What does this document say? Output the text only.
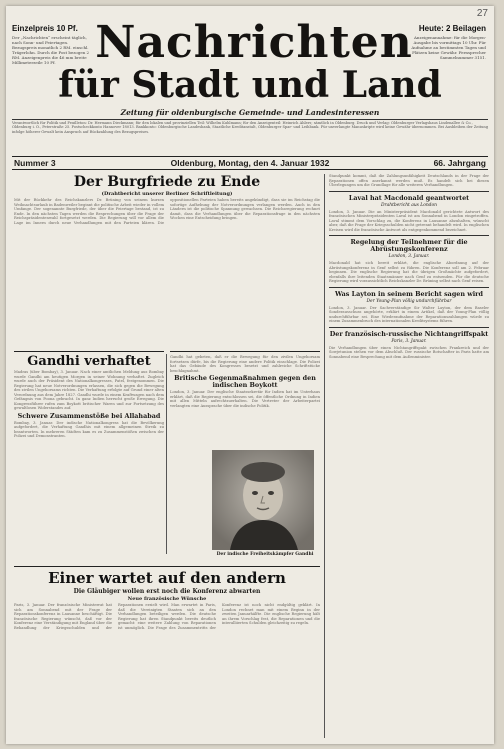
27
Einzelpreis 10 Pf.
Der „Nachrichten“ erscheint täglich, nach Sonn- und Feiertagen. Bezugspreis monatlich 2 RM. einschl. Trägerlohn. Durch die Post bezogen 2 RM. Anzeigenpreis die 46 mm breite Millimeterzeile 10 Pf.
Heute: 2 Beilagen
Anzeigenannahme: für die Morgen-Ausgabe bis vormittags 10 Uhr. Für Aufnahme an bestimmten Tagen und Plätzen keine Gewähr. Fernsprecher Sammelnummer 3151.
Nachrichten
für Stadt und Land
Zeitung für oldenburgische Gemeinde- und Landesinteressen
Verantwortlich für Politik und Feuilleton: Dr. Hermann Dieckmann; für den lokalen und provinziellen Teil: Wilhelm Kuhlmann; für den Anzeigenteil: Heinrich Ahlers; sämtlich in Oldenburg. Druck und Verlag: Oldenburger Verlagshaus Lindenallee & Co., Oldenburg i. O., Peterstraße 25. Postscheckkonto Hannover 18013. Bankkonto: Oldenburgische Landesbank, Staatliche Kreditanstalt, Oldenburger Spar- und Leihbank. Für unverlangte Manuskripte wird keine Gewähr übernommen. Bei Ausbleiben der Zeitung infolge höherer Gewalt kein Anspruch auf Rückzahlung des Bezugspreises.
Nummer 3	Oldenburg, Montag, den 4. Januar 1932	66. Jahrgang
Der Burgfriede zu Ende
(Drahtbericht unserer Berliner Schriftleitung)
Mit der Rückkehr des Reichskanzlers Dr. Brüning von seinem kurzen Weihnachtsurlaub in Badenweiler beginnt die politische Arbeit wieder in vollem Umfange. Der sogenannte Burgfriede, der über die Feiertage bestand, ist zu Ende. In den nächsten Tagen werden die Besprechungen über die Frage der Reichspräsidentenwahl fortgesetzt werden. Die Regierung will vor allem die Lage im Innern durch neue Verhandlungen mit den Parteien klären. Die oppositionellen Parteien haben bereits angekündigt, dass sie im Reichstag die sofortige Aufhebung der Notverordnungen verlangen werden. Auch in den Ländern ist die politische Spannung gewachsen. Die Reichsregierung rechnet damit, dass die Verhandlungen über die Reparationsfrage in den nächsten Wochen eine Entscheidung bringen.
Gandhi verhaftet
Madras (über Bombay), 3. Januar. Nach einer amtlichen Meldung aus Bombay wurde Gandhi am heutigen Morgen in seiner Wohnung verhaftet. Zugleich wurde auch der Präsident des Nationalkongresses, Patel, festgenommen. Die Regierung hat neue Notverordnungen erlassen, die sich gegen die Bewegung des zivilen Ungehorsams richten. Die Verhaftung erfolgte auf Grund einer alten Verordnung aus dem Jahre 1827. Gandhi wurde in einem Kraftwagen nach dem Gefängnis von Poona gebracht. In ganz Indien herrscht große Erregung. Die Kongressführer rufen zum Boykott britischer Waren und zur Fortsetzung des gewaltlosen Widerstandes auf.
Schwere Zusammenstöße bei Allahabad
Bombay, 3. Januar. Der indische Nationalkongress hat die Bevölkerung aufgefordert, die Verhaftung Gandhis mit einem allgemeinen Streik zu beantworten. In mehreren Städten kam es zu Zusammenstößen zwischen der Polizei und Demonstranten.
Gandhi hat gebeten, daß er die Bewegung für den zivilen Ungehorsam fortsetzen dürfe, bis die Regierung eine andere Politik einschlage. Die Polizei hat das Gebäude des Kongresses besetzt und zahlreiche Schriftstücke beschlagnahmt.
Britische Gegenmaßnahmen gegen den indischen Boykott
London, 3. Januar. Der englische Staatssekretär für Indien hat im Unterhaus erklärt, daß die Regierung entschlossen sei, die öffentliche Ordnung in Indien mit allen Mitteln aufrechtzuerhalten. Die Vertreter der Arbeiterpartei verlangten eine Aussprache über die indische Politik.
Der indische Freiheitskämpfer Gandhi
Einer wartet auf den andern
Die Gläubiger wollen erst noch die Konferenz abwarten
Neue französische Wünsche
Paris, 3. Januar. Der französische Ministerrat hat sich am Sonnabend mit der Frage der Reparationskonferenz in Lausanne beschäftigt. Die französische Regierung wünscht, daß vor der Konferenz eine Verständigung mit England über die Behandlung der Kriegsschulden und der Reparationen erzielt wird. Man erwartet in Paris, daß die Vereinigten Staaten sich an den Verhandlungen beteiligen werden. Die deutsche Regierung hat ihren Standpunkt bereits deutlich gemacht: eine weitere Zahlung von Reparationen ist unmöglich. Die Frage des Zusammentritts der Konferenz ist noch nicht endgültig geklärt. In London rechnet man mit einem Beginn in der zweiten Januarhälfte. Die englische Regierung hält an ihrem Vorschlag fest, die Reparationen und die interalliierten Schulden gleichzeitig zu regeln.
Standpunkt kommt, daß die Zahlungsunfähigkeit Deutschlands in der Frage der Reparationen offen anerkannt werden muß. Es handelt sich bei diesen Überlegungen um die Grundlage für alle weiteren Verhandlungen.
Laval hat Macdonald geantwortet
Drahtbericht aus London
London, 3. Januar. Die an Ministerpräsident Macdonald gerichtete Antwort des französischen Ministerpräsidenten Laval ist am Sonnabend in London eingetroffen. Laval stimmt dem Vorschlag zu, die Konferenz in Lausanne abzuhalten, wünscht aber, daß die Frage der Kriegsschulden nicht getrennt behandelt wird. In englischen Kreisen wird die französische Antwort als entgegenkommend bezeichnet.
Regelung der Teilnehmer für die Abrüstungskonferenz
London, 3. Januar.
Macdonald hat sich bereit erklärt, die englische Abordnung auf der Abrüstungskonferenz in Genf selbst zu führen. Die Konferenz soll am 2. Februar beginnen. Die englische Regierung hat die übrigen Großmächte aufgefordert, ebenfalls ihre leitenden Staatsmänner nach Genf zu entsenden. Für die deutsche Regierung wird voraussichtlich Reichskanzler Dr. Brüning selbst nach Genf reisen.
Was Layton in seinem Bericht sagen wird
Der Young-Plan völlig undurchführbar
London, 3. Januar. Der Sachverständige Sir Walter Layton, der dem Baseler Sonderausschuss angehörte, erklärt in einem Artikel, daß der Young-Plan völlig undurchführbar sei. Eine Wiederaufnahme der Reparationszahlungen würde zu einem Zusammenbruch des internationalen Kreditsystems führen.
Der französisch-russische Nichtangriffspakt
Paris, 3. Januar.
Die Verhandlungen über einen Nichtangriffspakt zwischen Frankreich und der Sowjetunion stehen vor dem Abschluß. Der russische Botschafter in Paris hatte am Sonnabend eine Besprechung mit dem Außenminister.
